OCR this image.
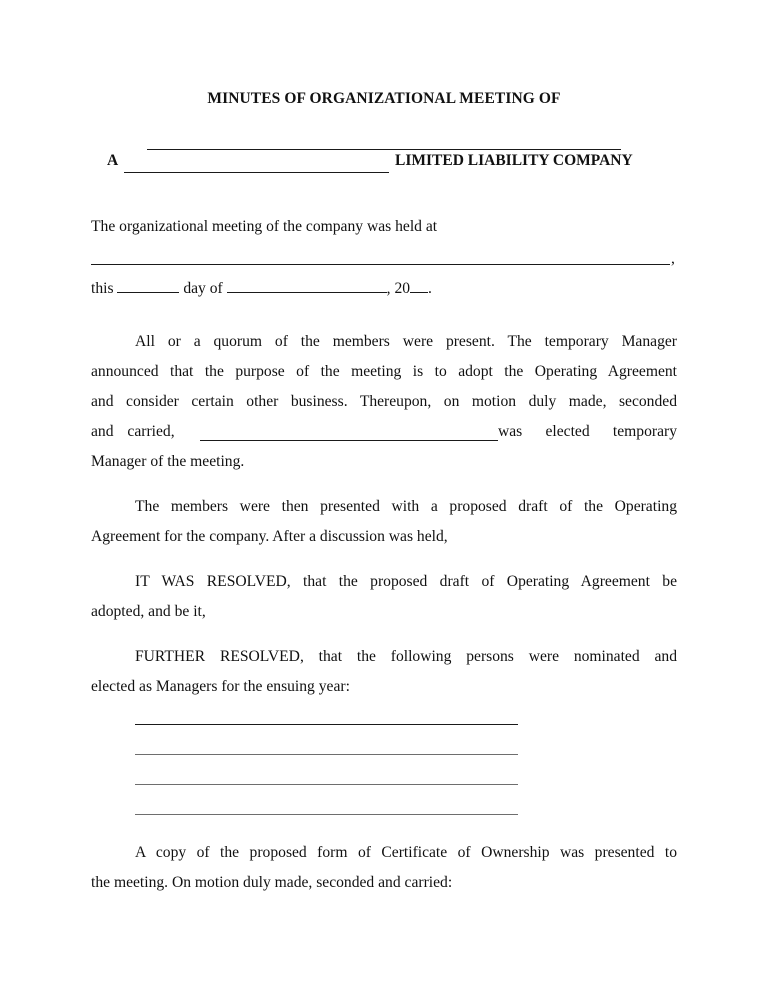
MINUTES OF ORGANIZATIONAL MEETING OF
A	LIMITED LIABILITY COMPANY
The organizational meeting of the company was held at
,
this	day of	, 20 .
All or a quorum of the members were present. The temporary Manager
announced that the purpose of the meeting is to adopt the Operating Agreement
and consider certain other business. Thereupon, on motion duly made, seconded
and carried,	was elected temporary
Manager of the meeting.
The members were then presented with a proposed draft of the Operating
Agreement for the company. After a discussion was held,
IT WAS RESOLVED, that the proposed draft of Operating Agreement be
adopted, and be it,
FURTHER RESOLVED, that the following persons were nominated and
elected as Managers for the ensuing year:
A copy of the proposed form of Certificate of Ownership was presented to
the meeting. On motion duly made, seconded and carried:
